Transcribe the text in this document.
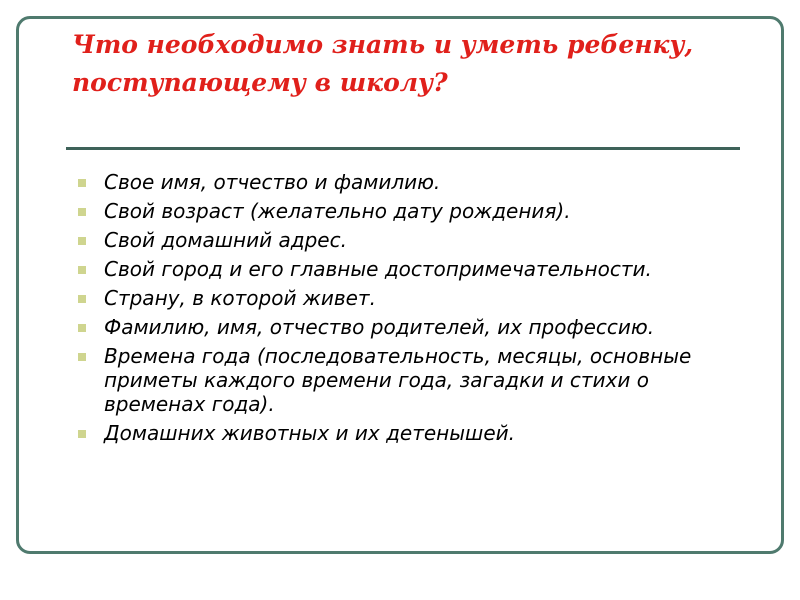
Что необходимо знать и уметь ребенку,
поступающему в школу?
Свое имя, отчество и фамилию.
Свой возраст (желательно дату рождения).
Свой домашний адрес.
Свой город и его главные достопримечательности.
Страну, в которой живет.
Фамилию, имя, отчество родителей, их профессию.
Времена года (последовательность, месяцы, основные приметы каждого времени года, загадки и стихи о временах года).
Домашних животных и их детенышей.
